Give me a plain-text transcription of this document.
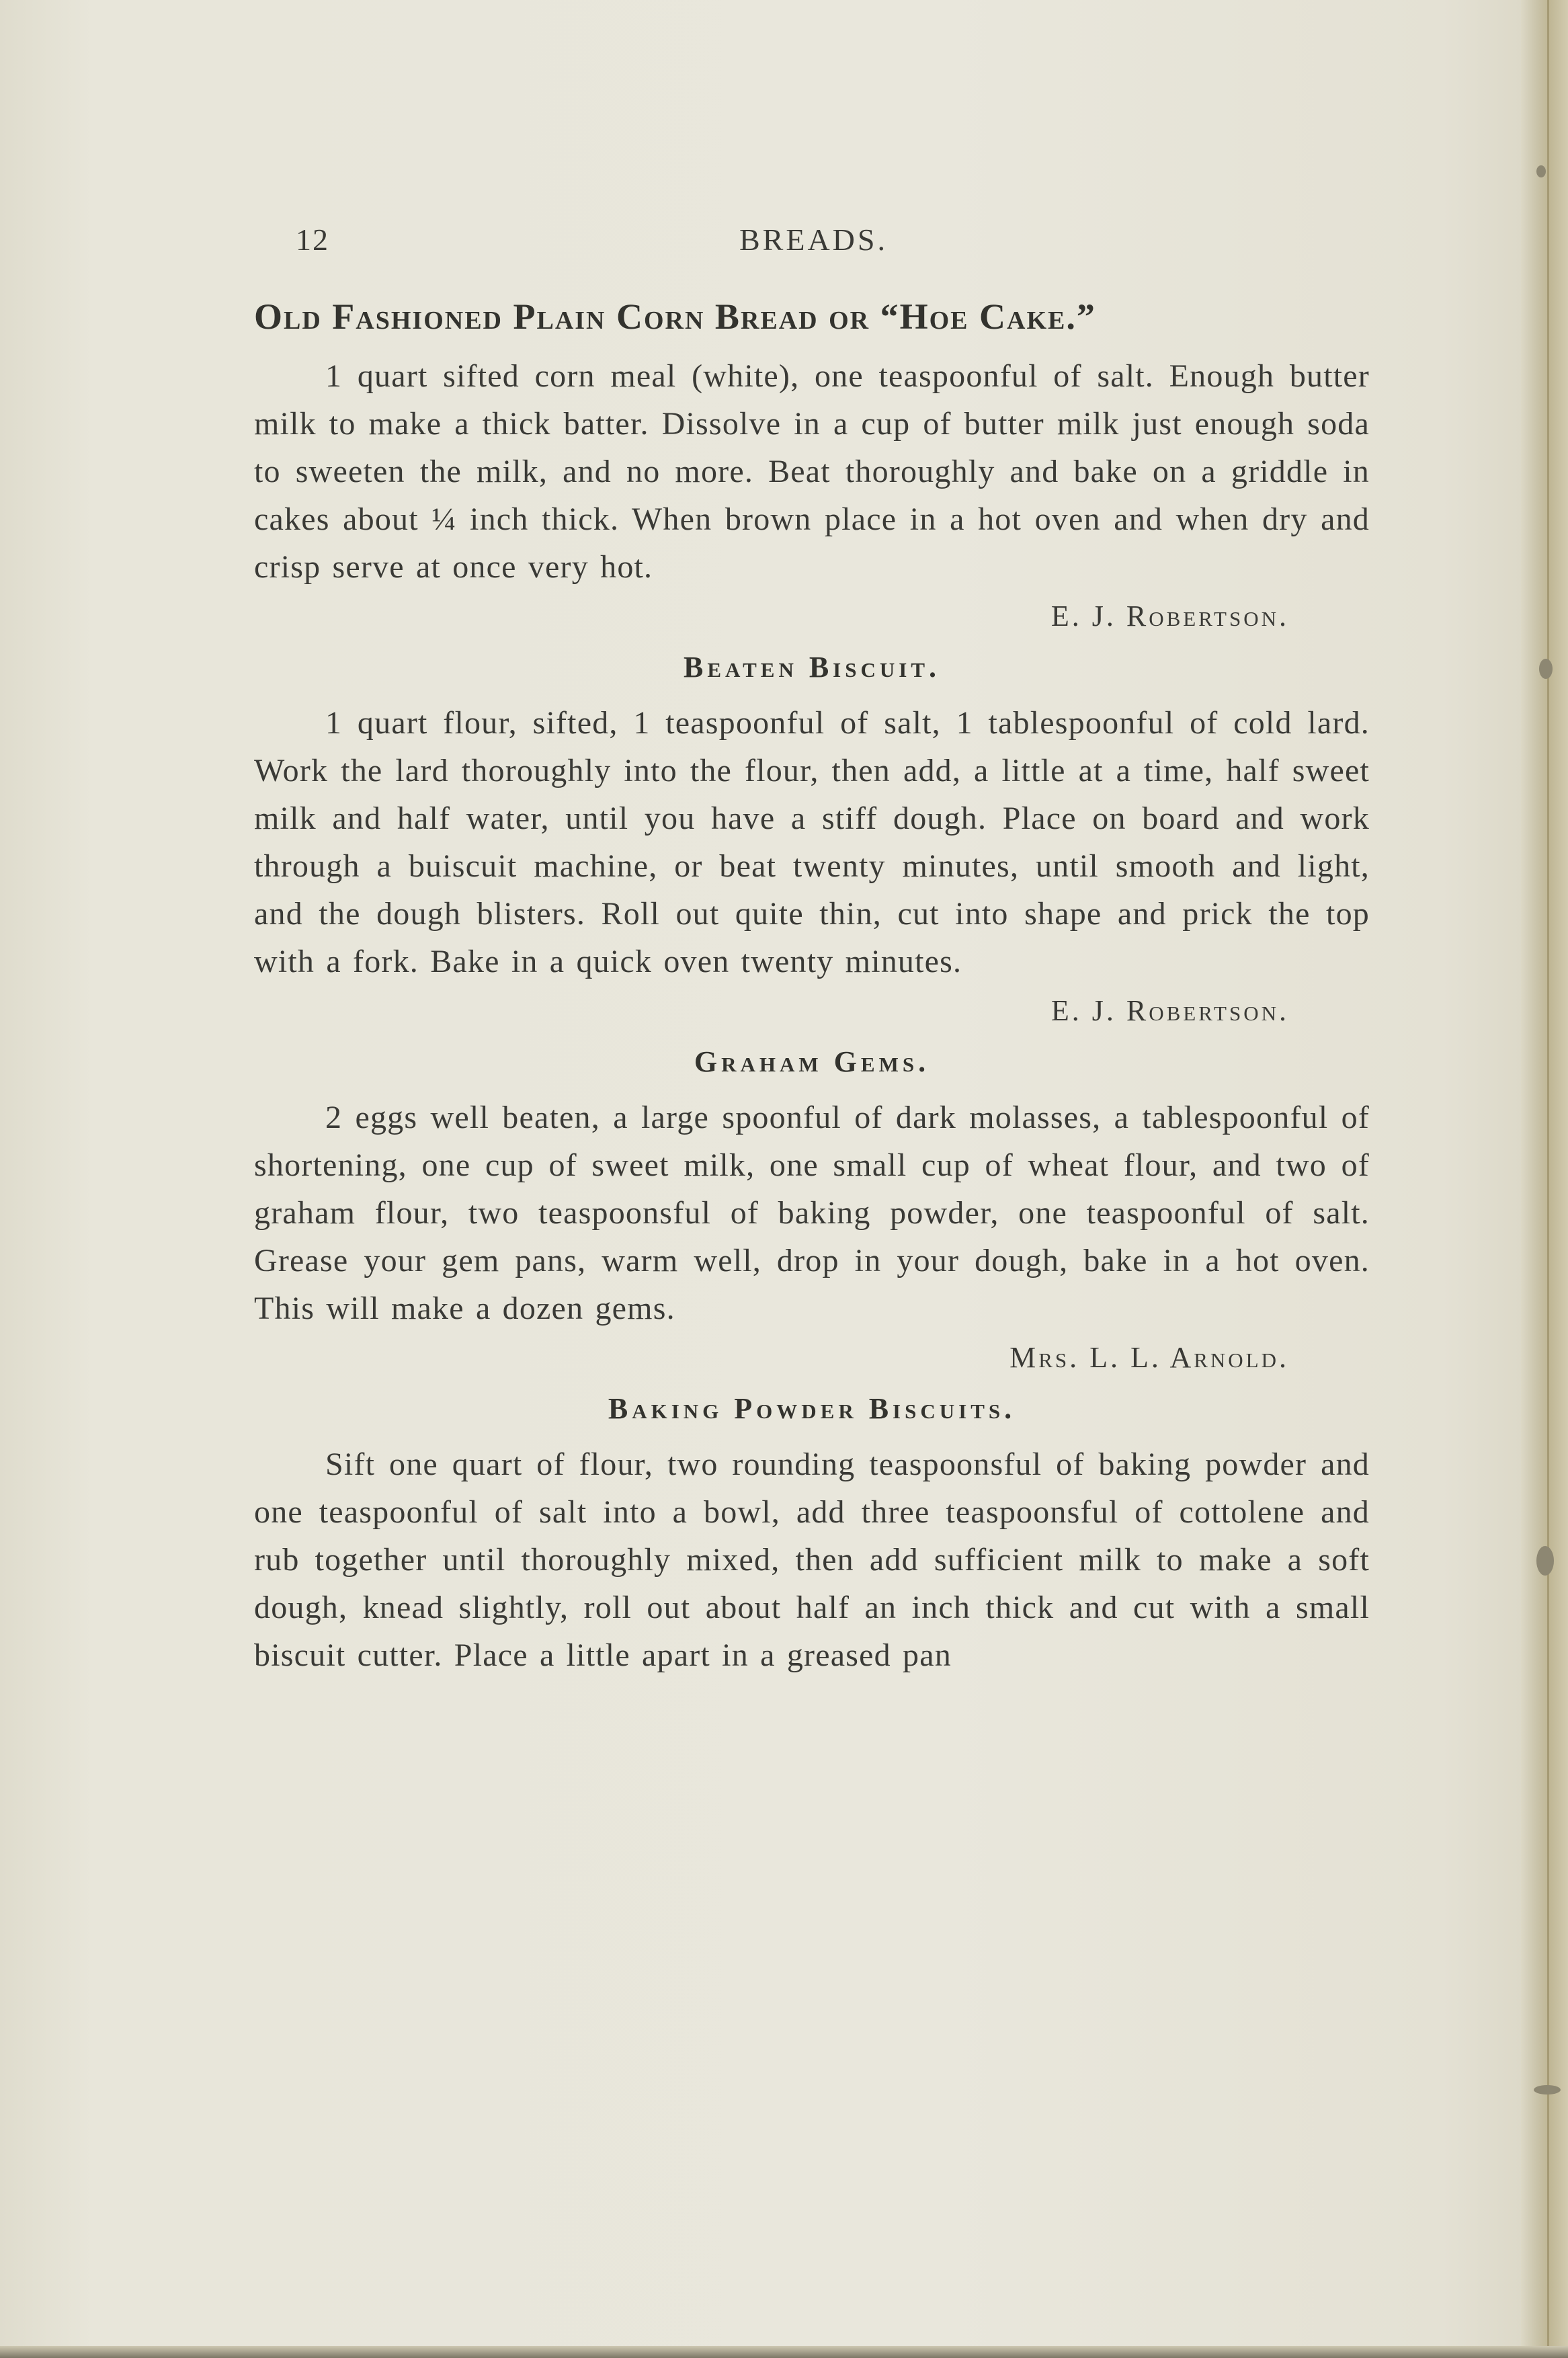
12	BREADS.
Old Fashioned Plain Corn Bread or “Hoe Cake.”

1 quart sifted corn meal (white), one teaspoonful of salt. Enough butter milk to make a thick batter. Dissolve in a cup of butter milk just enough soda to sweeten the milk, and no more. Beat thoroughly and bake on a griddle in cakes about ¼ inch thick. When brown place in a hot oven and when dry and crisp serve at once very hot.

E. J. Robertson.
Beaten Biscuit.

1 quart flour, sifted, 1 teaspoonful of salt, 1 tablespoonful of cold lard. Work the lard thoroughly into the flour, then add, a little at a time, half sweet milk and half water, until you have a stiff dough. Place on board and work through a buiscuit machine, or beat twenty minutes, until smooth and light, and the dough blisters. Roll out quite thin, cut into shape and prick the top with a fork. Bake in a quick oven twenty minutes.

E. J. Robertson.
Graham Gems.

2 eggs well beaten, a large spoonful of dark molasses, a tablespoonful of shortening, one cup of sweet milk, one small cup of wheat flour, and two of graham flour, two teaspoonsful of baking powder, one teaspoonful of salt. Grease your gem pans, warm well, drop in your dough, bake in a hot oven. This will make a dozen gems.

Mrs. L. L. Arnold.
Baking Powder Biscuits.

Sift one quart of flour, two rounding teaspoonsful of baking powder and one teaspoonful of salt into a bowl, add three teaspoonsful of cottolene and rub together until thoroughly mixed, then add sufficient milk to make a soft dough, knead slightly, roll out about half an inch thick and cut with a small biscuit cutter. Place a little apart in a greased pan
